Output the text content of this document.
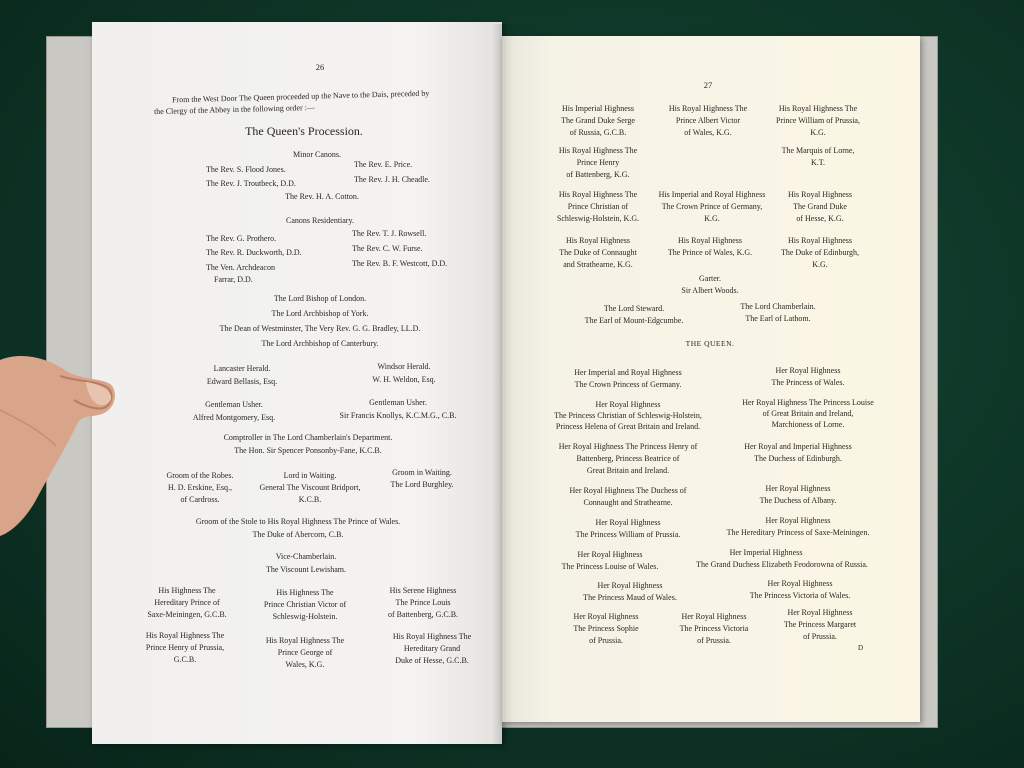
26
From the West Door The Queen proceeded up the Nave to the Dais, preceded by
the Clergy of the Abbey in the following order :—
The Queen's Procession.
Minor Canons.
The Rev. S. Flood Jones.
The Rev. E. Price.
The Rev. J. Troutbeck, D.D.	The Rev. J. H. Cheadle.
The Rev. H. A. Cotton.
Canons Residentiary.
The Rev. G. Prothero.
The Rev. T. J. Rowsell.
The Rev. R. Duckworth, D.D.	The Rev. C. W. Furse.
The Ven. Archdeacon
Farrar, D.D.
The Rev. B. F. Westcott, D.D.
The Lord Bishop of London.
The Lord Archbishop of York.
The Dean of Westminster, The Very Rev. G. G. Bradley, LL.D.
The Lord Archbishop of Canterbury.
Lancaster Herald.
Edward Bellasis, Esq.
Windsor Herald.
W. H. Weldon, Esq.
Gentleman Usher.
Alfred Montgomery, Esq.
Gentleman Usher.
Sir Francis Knollys, K.C.M.G., C.B.
Comptroller in The Lord Chamberlain's Department.
The Hon. Sir Spencer Ponsonby-Fane, K.C.B.
Groom of the Robes.
H. D. Erskine, Esq.,
of Cardross.
Lord in Waiting.
General The Viscount Bridport,
K.C.B.
Groom in Waiting.
The Lord Burghley.
Groom of the Stole to His Royal Highness The Prince of Wales.
The Duke of Abercorn, C.B.
Vice-Chamberlain.
The Viscount Lewisham.
His Highness The
Hereditary Prince of
Saxe-Meiningen, G.C.B.
His Highness The
Prince Christian Victor of
Schleswig-Holstein.
His Serene Highness
The Prince Louis
of Battenberg, G.C.B.
His Royal Highness The
Prince Henry of Prussia,
G.C.B.
His Royal Highness The
Prince George of
Wales, K.G.
His Royal Highness The
Hereditary Grand
Duke of Hesse, G.C.B.
27
His Imperial Highness
The Grand Duke Serge
of Russia, G.C.B.
His Royal Highness The
Prince Albert Victor
of Wales, K.G.
His Royal Highness The
Prince William of Prussia,
K.G.
His Royal Highness The
Prince Henry
of Battenberg, K.G.
The Marquis of Lorne,
K.T.
His Royal Highness The
Prince Christian of
Schleswig-Holstein, K.G.
His Imperial and Royal Highness
The Crown Prince of Germany,
K.G.
His Royal Highness
The Grand Duke
of Hesse, K.G.
His Royal Highness
The Duke of Connaught
and Strathearne, K.G.
His Royal Highness
The Prince of Wales, K.G.
His Royal Highness
The Duke of Edinburgh,
K.G.
Garter.
Sir Albert Woods.
The Lord Steward.
The Earl of Mount-Edgcumbe.
The Lord Chamberlain.
The Earl of Lathom.
THE QUEEN.
Her Imperial and Royal Highness
The Crown Princess of Germany.
Her Royal Highness
The Princess of Wales.
Her Royal Highness
The Princess Christian of Schleswig-Holstein,
Princess Helena of Great Britain and Ireland.
Her Royal Highness The Princess Louise
of Great Britain and Ireland,
Marchioness of Lorne.
Her Royal Highness The Princess Henry of
Battenberg, Princess Beatrice of
Great Britain and Ireland.
Her Royal and Imperial Highness
The Duchess of Edinburgh.
Her Royal Highness The Duchess of
Connaught and Strathearne.
Her Royal Highness
The Duchess of Albany.
Her Royal Highness
The Princess William of Prussia.
Her Royal Highness
The Hereditary Princess of Saxe-Meiningen.
Her Royal Highness
The Princess Louise of Wales.
Her Imperial Highness
The Grand Duchess Elizabeth Feodorowna of Russia.
Her Royal Highness
The Princess Maud of Wales.
Her Royal Highness
The Princess Victoria of Wales.
Her Royal Highness
The Princess Sophie
of Prussia.
Her Royal Highness
The Princess Victoria
of Prussia.
Her Royal Highness
The Princess Margaret
of Prussia.
D
